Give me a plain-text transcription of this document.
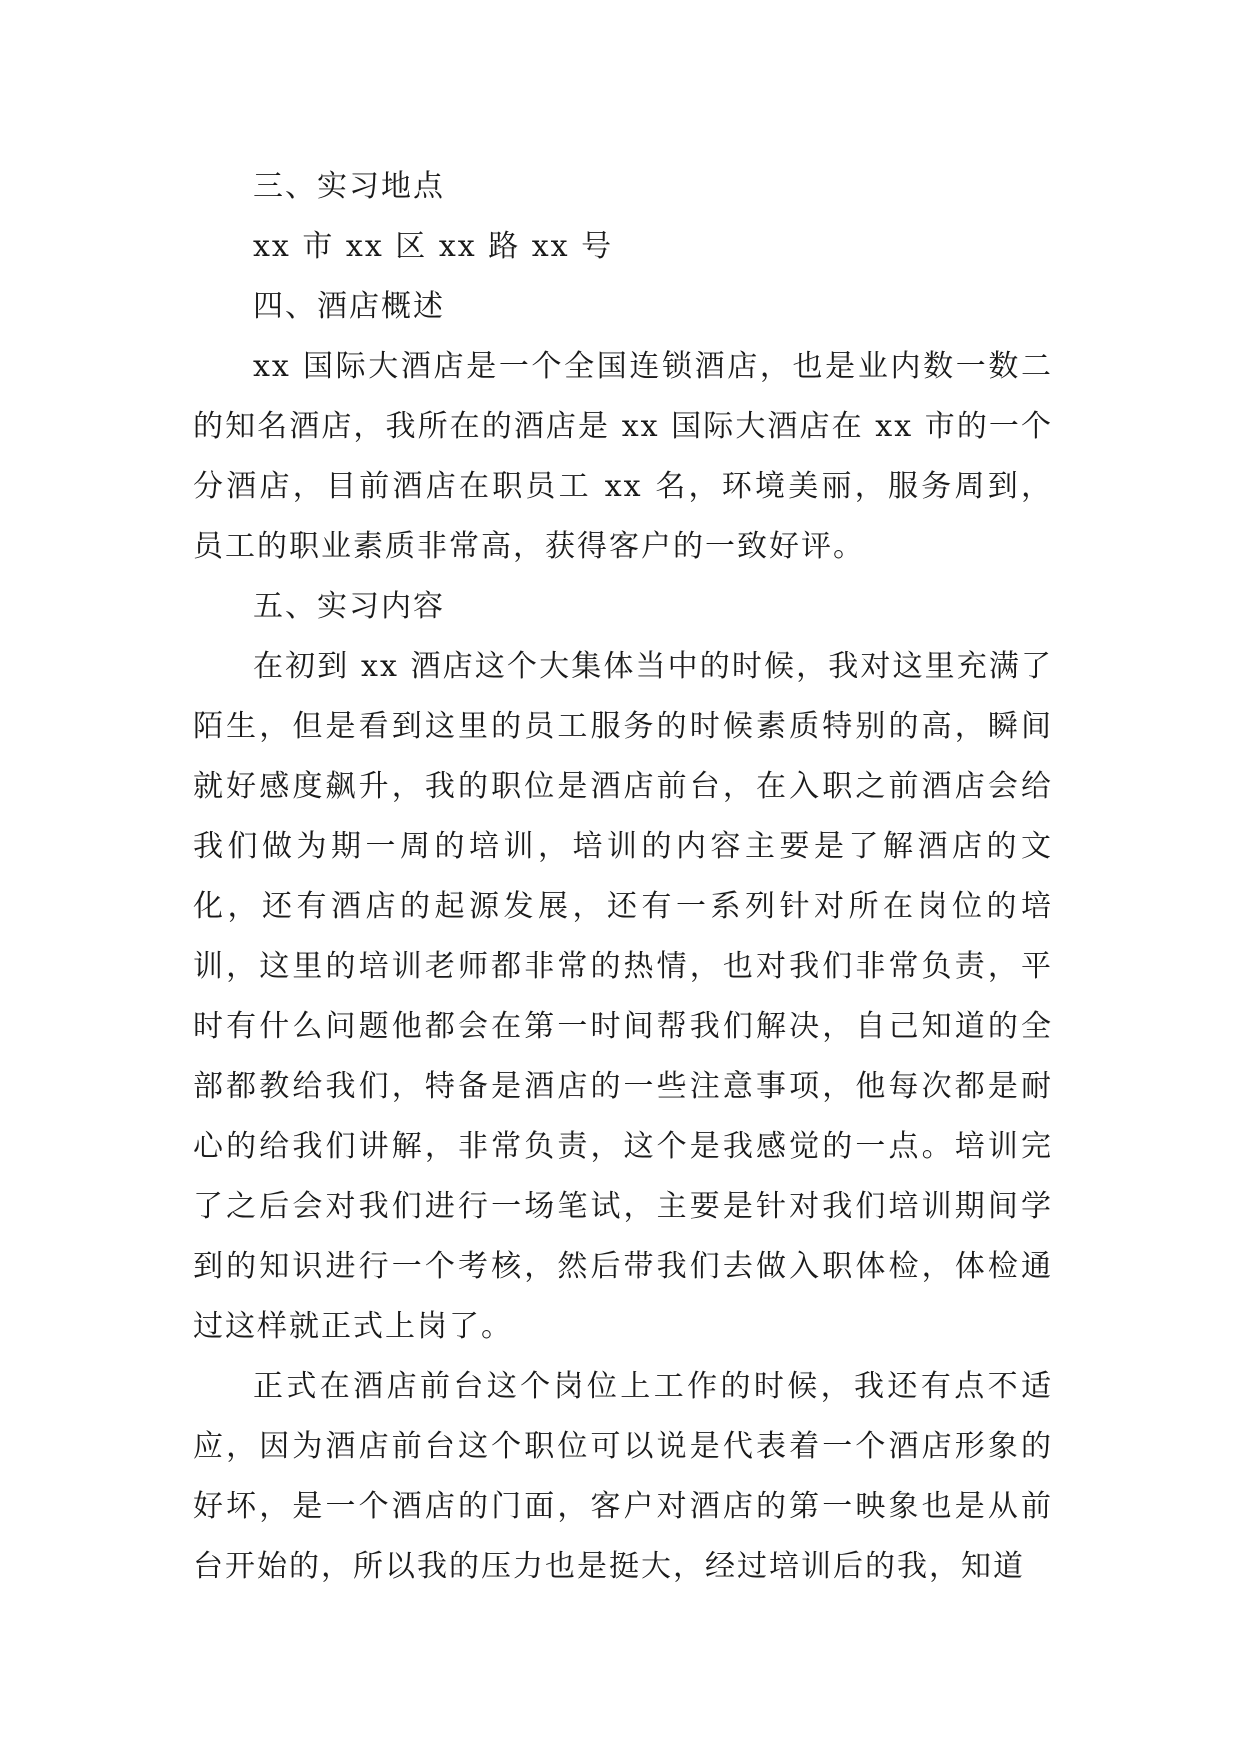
三、实习地点

xx 市 xx 区 xx 路 xx 号

四、酒店概述

xx 国际大酒店是一个全国连锁酒店，也是业内数一数二的知名酒店，我所在的酒店是 xx 国际大酒店在 xx 市的一个分酒店，目前酒店在职员工 xx 名，环境美丽，服务周到，员工的职业素质非常高，获得客户的一致好评。

五、实习内容

在初到 xx 酒店这个大集体当中的时候，我对这里充满了陌生，但是看到这里的员工服务的时候素质特别的高，瞬间就好感度飙升，我的职位是酒店前台，在入职之前酒店会给我们做为期一周的培训，培训的内容主要是了解酒店的文化，还有酒店的起源发展，还有一系列针对所在岗位的培训，这里的培训老师都非常的热情，也对我们非常负责，平时有什么问题他都会在第一时间帮我们解决，自己知道的全部都教给我们，特备是酒店的一些注意事项，他每次都是耐心的给我们讲解，非常负责，这个是我感觉的一点。培训完了之后会对我们进行一场笔试，主要是针对我们培训期间学到的知识进行一个考核，然后带我们去做入职体检，体检通过这样就正式上岗了。

正式在酒店前台这个岗位上工作的时候，我还有点不适应，因为酒店前台这个职位可以说是代表着一个酒店形象的好坏，是一个酒店的门面，客户对酒店的第一映象也是从前台开始的，所以我的压力也是挺大，经过培训后的我，知道
